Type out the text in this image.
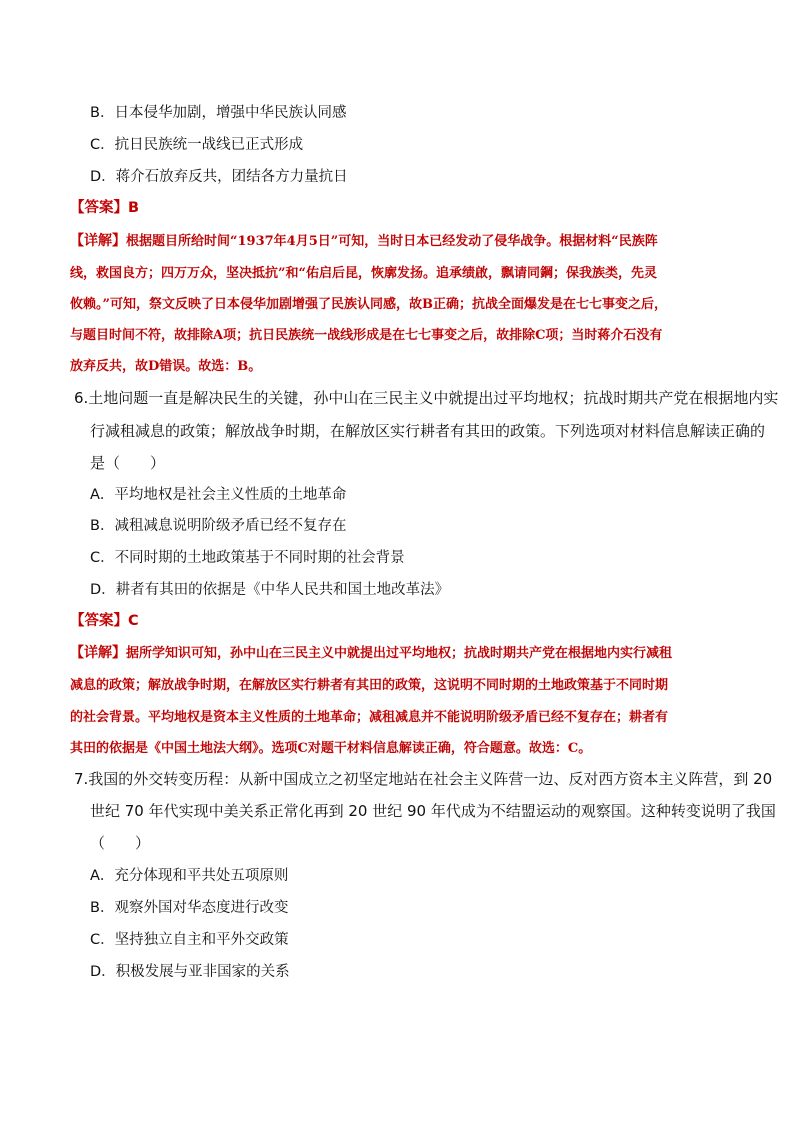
B．日本侵华加剧，增强中华民族认同感
C．抗日民族统一战线已正式形成
D．蒋介石放弃反共，团结各方力量抗日
【答案】B
【详解】根据题目所给时间“1937年4月5日”可知，当时日本已经发动了侵华战争。根据材料“民族阵
线，救国良方；四万万众，坚决抵抗”和“佑启后昆，恢廓发扬。追承绩啟，飘请同鋼；保我族类，先灵
攸赖。”可知，祭文反映了日本侵华加剧增强了民族认同感，故B正确；抗战全面爆发是在七七事变之后，
与题目时间不符，故排除A项；抗日民族统一战线形成是在七七事变之后，故排除C项；当时蒋介石没有
放弃反共，故D错误。故选：B。
6.土地问题一直是解决民生的关键，孙中山在三民主义中就提出过平均地权；抗战时期共产党在根据地内实
行减租减息的政策；解放战争时期，在解放区实行耕者有其田的政策。下列选项对材料信息解读正确的
是（　　）
A．平均地权是社会主义性质的土地革命
B．减租减息说明阶级矛盾已经不复存在
C．不同时期的土地政策基于不同时期的社会背景
D．耕者有其田的依据是《中华人民共和国土地改革法》
【答案】C
【详解】据所学知识可知，孙中山在三民主义中就提出过平均地权；抗战时期共产党在根据地内实行减租
减息的政策；解放战争时期，在解放区实行耕者有其田的政策，这说明不同时期的土地政策基于不同时期
的社会背景。平均地权是资本主义性质的土地革命；减租减息并不能说明阶级矛盾已经不复存在；耕者有
其田的依据是《中国土地法大纲》。选项C对题干材料信息解读正确，符合题意。故选：C。
7.我国的外交转变历程：从新中国成立之初坚定地站在社会主义阵营一边、反对西方资本主义阵营，到 20
世纪 70 年代实现中美关系正常化再到 20 世纪 90 年代成为不结盟运动的观察国。这种转变说明了我国
（　　）
A．充分体现和平共处五项原则
B．观察外国对华态度进行改变
C．坚持独立自主和平外交政策
D．积极发展与亚非国家的关系
